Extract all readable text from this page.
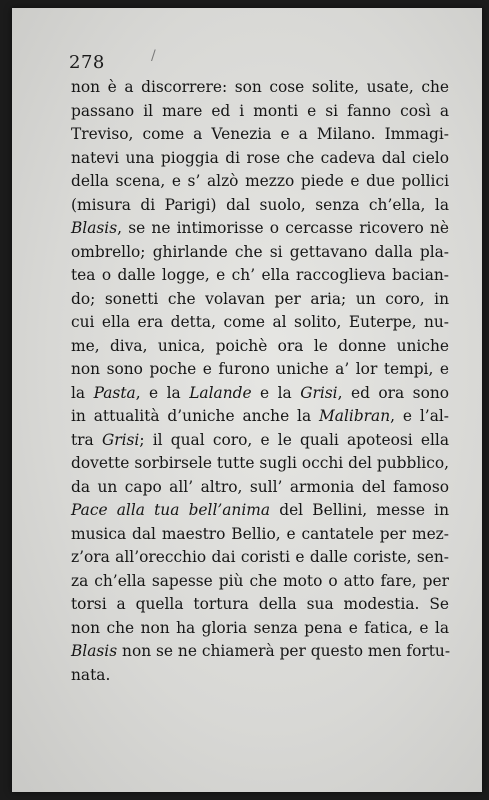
278	/
non è a discorrere: son cose solite, usate, che
passano il mare ed i monti e si fanno così a
Treviso, come a Venezia e a Milano. Immagi-
natevi una pioggia di rose che cadeva dal cielo
della scena, e s’ alzò mezzo piede e due pollici
(misura di Parigi) dal suolo, senza ch’ella, la
Blasis, se ne intimorisse o cercasse ricovero nè
ombrello; ghirlande che si gettavano dalla pla-
tea o dalle logge, e ch’ ella raccoglieva bacian-
do; sonetti che volavan per aria; un coro, in
cui ella era detta, come al solito, Euterpe, nu-
me, diva, unica, poichè ora le donne uniche
non sono poche e furono uniche a’ lor tempi, e
la Pasta, e la Lalande e la Grisi, ed ora sono
in attualità d’uniche anche la Malibran, e l’al-
tra Grisi; il qual coro, e le quali apoteosi ella
dovette sorbirsele tutte sugli occhi del pubblico,
da un capo all’ altro, sull’ armonia del famoso
Pace alla tua bell’anima del Bellini, messe in
musica dal maestro Bellio, e cantatele per mez-
z’ora all’orecchio dai coristi e dalle coriste, sen-
za ch’ella sapesse più che moto o atto fare, per
torsi a quella tortura della sua modestia. Se
non che non ha gloria senza pena e fatica, e la
Blasis non se ne chiamerà per questo men fortu-
nata.
